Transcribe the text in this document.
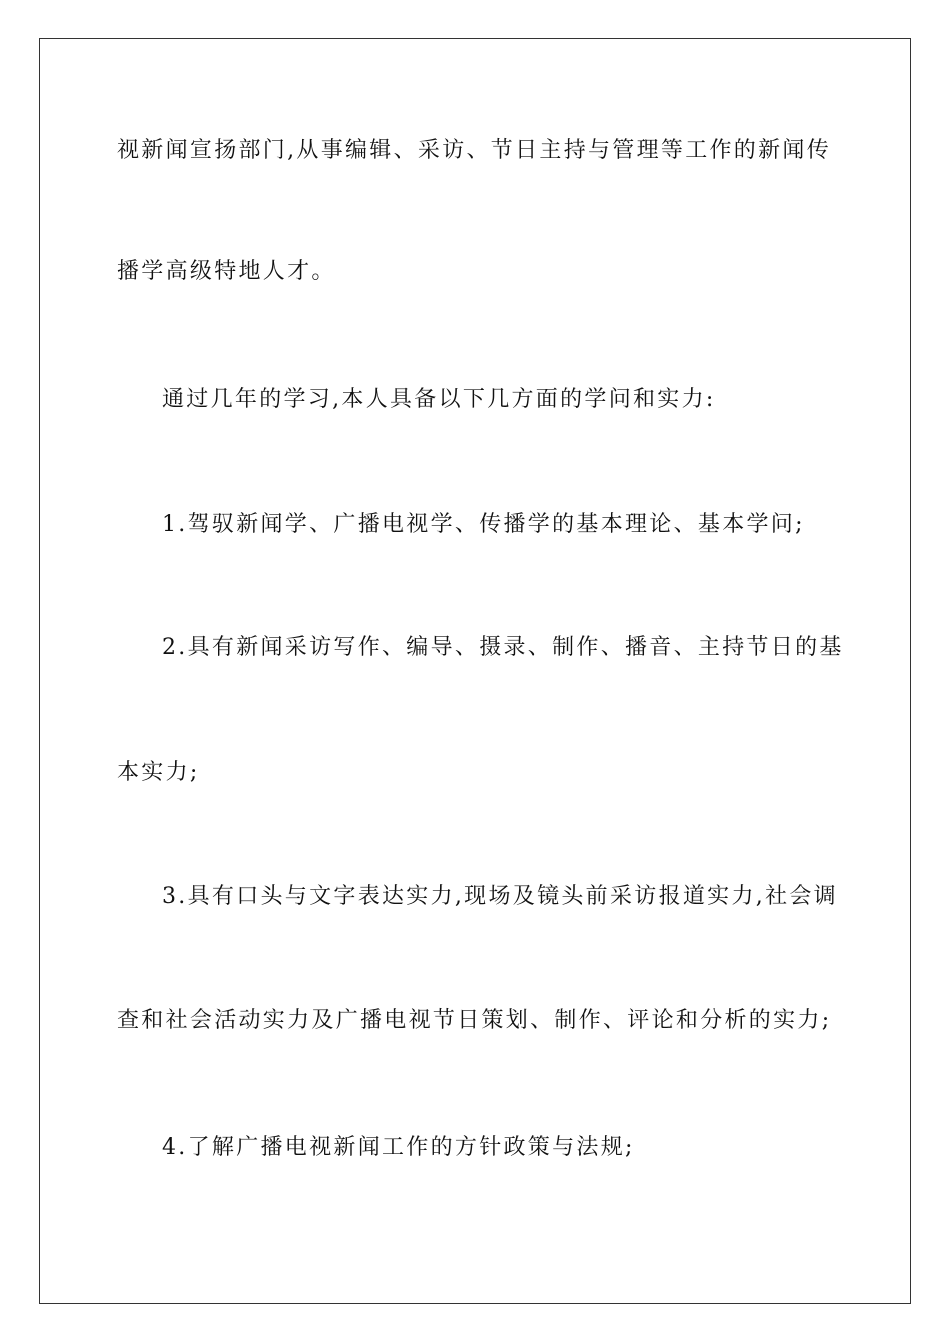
视新闻宣扬部门,从事编辑、采访、节日主持与管理等工作的新闻传

播学高级特地人才。

通过几年的学习,本人具备以下几方面的学问和实力:

1.驾驭新闻学、广播电视学、传播学的基本理论、基本学问;

2.具有新闻采访写作、编导、摄录、制作、播音、主持节日的基

本实力;

3.具有口头与文字表达实力,现场及镜头前采访报道实力,社会调

查和社会活动实力及广播电视节日策划、制作、评论和分析的实力;

4.了解广播电视新闻工作的方针政策与法规;
